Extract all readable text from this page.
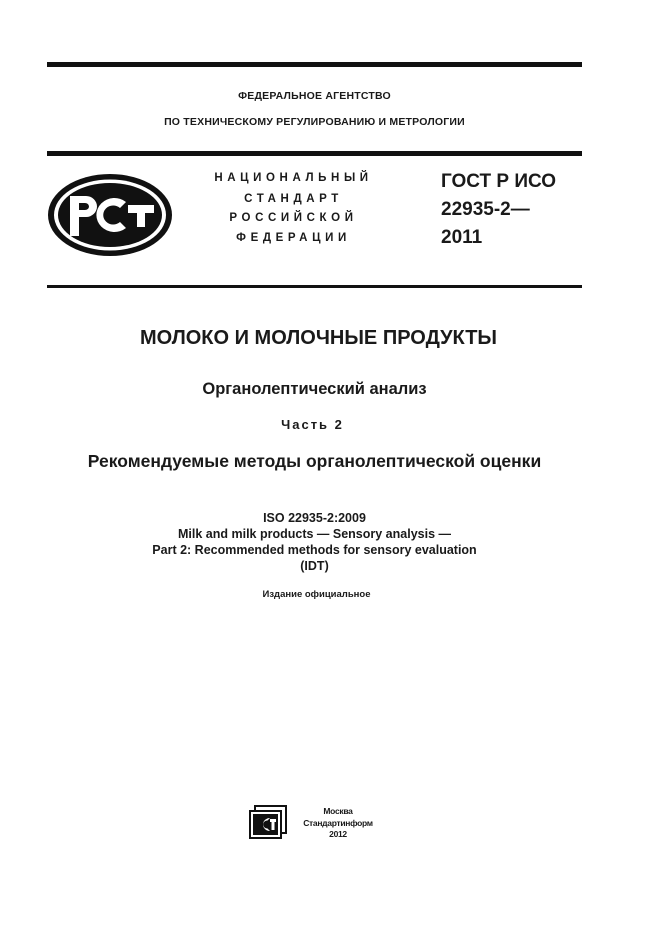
ФЕДЕРАЛЬНОЕ АГЕНТСТВО
ПО ТЕХНИЧЕСКОМУ РЕГУЛИРОВАНИЮ И МЕТРОЛОГИИ
НАЦИОНАЛЬНЫЙ
СТАНДАРТ
РОССИЙСКОЙ
ФЕДЕРАЦИИ
ГОСТ Р ИСО
22935-2—
2011
МОЛОКО И МОЛОЧНЫЕ ПРОДУКТЫ
Органолептический анализ
Часть 2
Рекомендуемые методы органолептической оценки
ISO 22935-2:2009
Milk and milk products — Sensory analysis —
Part 2: Recommended methods for sensory evaluation
(IDT)
Издание официальное
Москва
Стандартинформ
2012
